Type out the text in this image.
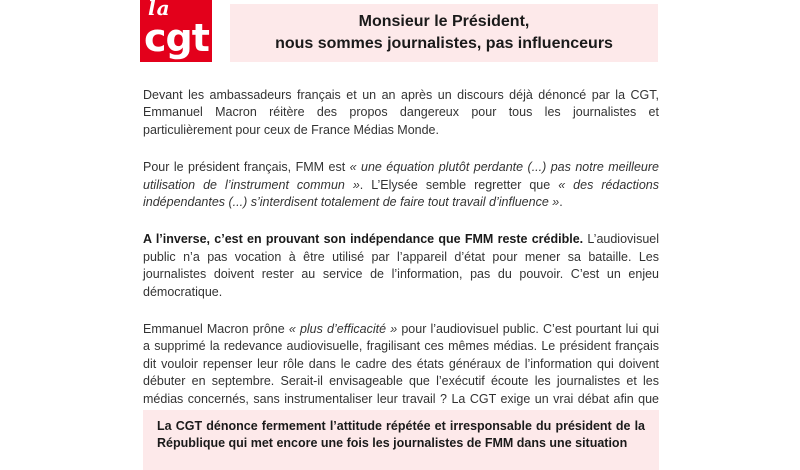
la
cgt	Monsieur le Président,
nous sommes journalistes, pas influenceurs

Devant les ambassadeurs français et un an après un discours déjà dénoncé par la CGT, Emmanuel Macron réitère des propos dangereux pour tous les journalistes et particulièrement pour ceux de France Médias Monde.

Pour le président français, FMM est « une équation plutôt perdante (...) pas notre meilleure utilisation de l’instrument commun ». L’Elysée semble regretter que « des rédactions indépendantes (...) s’interdisent totalement de faire tout travail d’influence ».

A l’inverse, c’est en prouvant son indépendance que FMM reste crédible. L’audiovisuel public n’a pas vocation à être utilisé par l’appareil d’état pour mener sa bataille. Les journalistes doivent rester au service de l’information, pas du pouvoir. C’est un enjeu démocratique.

Emmanuel Macron prône « plus d’efficacité » pour l’audiovisuel public. C’est pourtant lui qui a supprimé la redevance audiovisuelle, fragilisant ces mêmes médias. Le président français dit vouloir repenser leur rôle dans le cadre des états généraux de l’information qui doivent débuter en septembre. Serait-il envisageable que l’exécutif écoute les journalistes et les médias concernés, sans instrumentaliser leur travail ? La CGT exige un vrai débat afin que

La CGT dénonce fermement l’attitude répétée et irresponsable du président de la République qui met encore une fois les journalistes de FMM dans une situation
